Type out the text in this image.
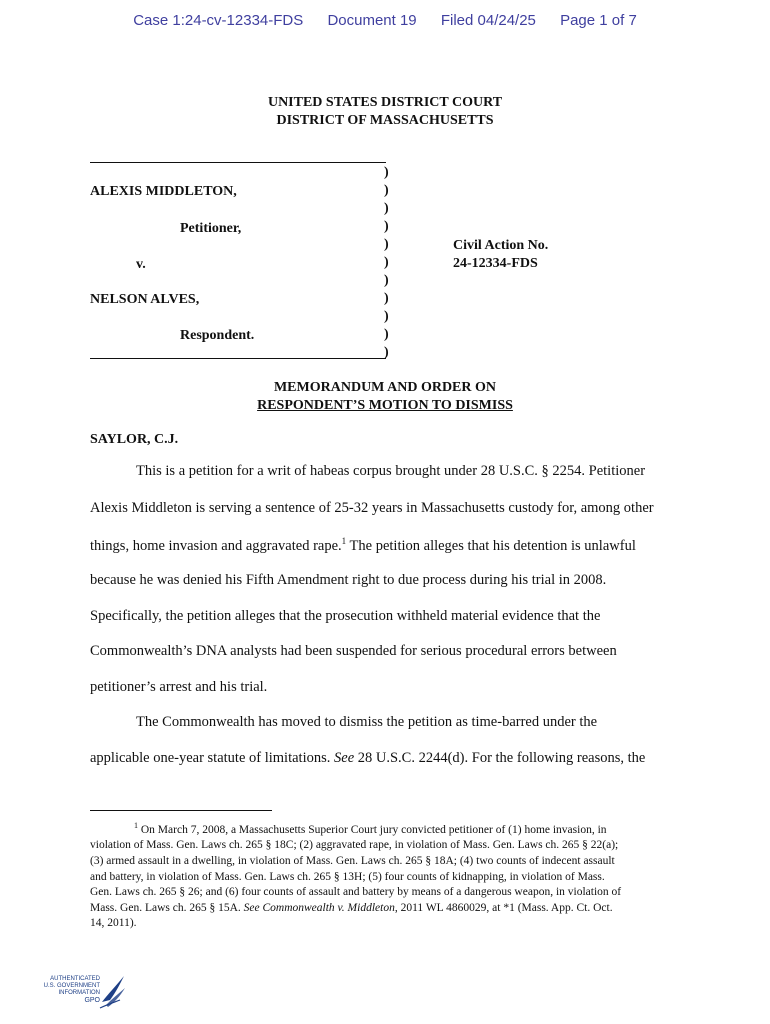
Case 1:24-cv-12334-FDS Document 19 Filed 04/24/25 Page 1 of 7
UNITED STATES DISTRICT COURT
DISTRICT OF MASSACHUSETTS
ALEXIS MIDDLETON,
Petitioner,
v.
NELSON ALVES,
Respondent.
)
)
)
)
)
)
)
)
)
)
)
Civil Action No.
24-12334-FDS
MEMORANDUM AND ORDER ON
RESPONDENT’S MOTION TO DISMISS
SAYLOR, C.J.
This is a petition for a writ of habeas corpus brought under 28 U.S.C. § 2254. Petitioner
Alexis Middleton is serving a sentence of 25-32 years in Massachusetts custody for, among other
things, home invasion and aggravated rape.$^1$ The petition alleges that his detention is unlawful
because he was denied his Fifth Amendment right to due process during his trial in 2008.
Specifically, the petition alleges that the prosecution withheld material evidence that the
Commonwealth’s DNA analysts had been suspended for serious procedural errors between
petitioner’s arrest and his trial.
The Commonwealth has moved to dismiss the petition as time-barred under the
applicable one-year statute of limitations. See 28 U.S.C. 2244(d). For the following reasons, the
$^1$ On March 7, 2008, a Massachusetts Superior Court jury convicted petitioner of (1) home invasion, in
violation of Mass. Gen. Laws ch. 265 § 18C; (2) aggravated rape, in violation of Mass. Gen. Laws ch. 265 § 22(a);
(3) armed assault in a dwelling, in violation of Mass. Gen. Laws ch. 265 § 18A; (4) two counts of indecent assault
and battery, in violation of Mass. Gen. Laws ch. 265 § 13H; (5) four counts of kidnapping, in violation of Mass.
Gen. Laws ch. 265 § 26; and (6) four counts of assault and battery by means of a dangerous weapon, in violation of
Mass. Gen. Laws ch. 265 § 15A. See Commonwealth v. Middleton, 2011 WL 4860029, at *1 (Mass. App. Ct. Oct.
14, 2011).
AUTHENTICATED
U.S. GOVERNMENT
INFORMATION
GPO
